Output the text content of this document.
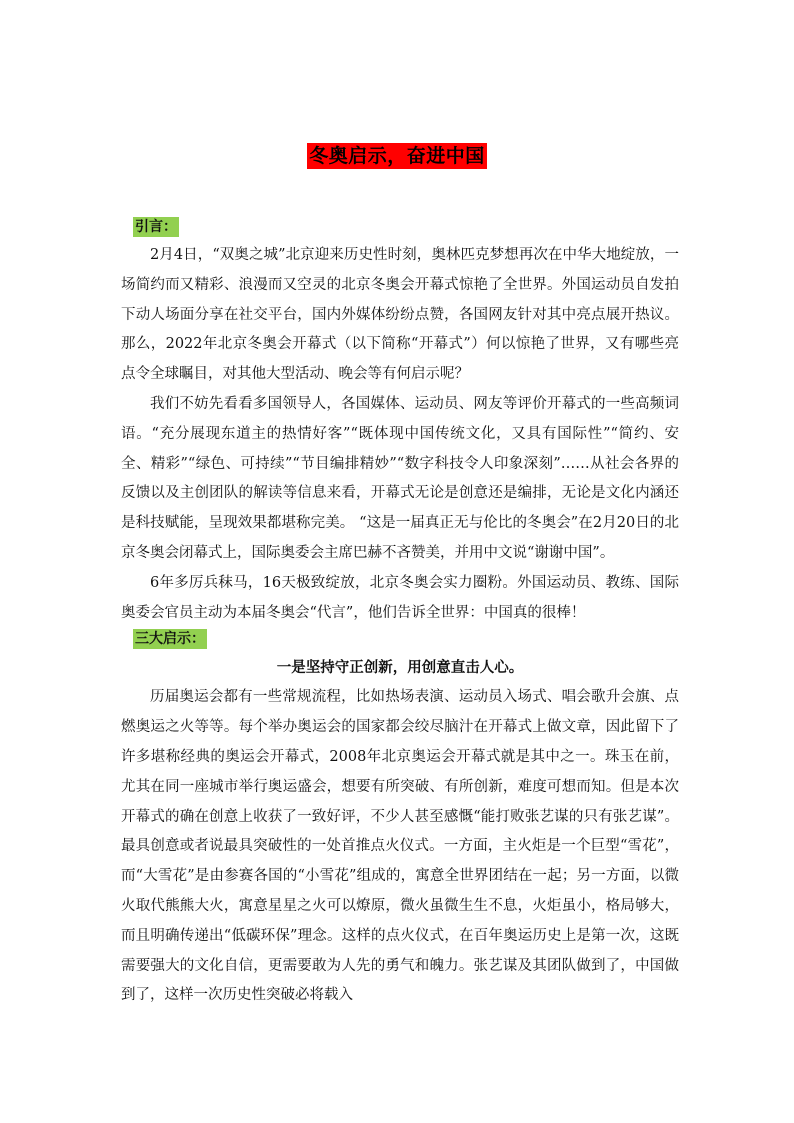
冬奥启示，奋进中国
引言：

2月4日，“双奥之城”北京迎来历史性时刻，奥林匹克梦想再次在中华大地绽放，一场简约而又精彩、浪漫而又空灵的北京冬奥会开幕式惊艳了全世界。外国运动员自发拍下动人场面分享在社交平台，国内外媒体纷纷点赞，各国网友针对其中亮点展开热议。那么，2022年北京冬奥会开幕式（以下简称“开幕式”）何以惊艳了世界，又有哪些亮点令全球瞩目，对其他大型活动、晚会等有何启示呢？

我们不妨先看看多国领导人，各国媒体、运动员、网友等评价开幕式的一些高频词语。“充分展现东道主的热情好客”“既体现中国传统文化，又具有国际性”“简约、安全、精彩”“绿色、可持续”“节目编排精妙”“数字科技令人印象深刻”……从社会各界的反馈以及主创团队的解读等信息来看，开幕式无论是创意还是编排，无论是文化内涵还是科技赋能，呈现效果都堪称完美。 “这是一届真正无与伦比的冬奥会”在2月20日的北京冬奥会闭幕式上，国际奥委会主席巴赫不吝赞美，并用中文说“谢谢中国”。

6年多厉兵秣马，16天极致绽放，北京冬奥会实力圈粉。外国运动员、教练、国际奥委会官员主动为本届冬奥会“代言”，他们告诉全世界：中国真的很棒！

三大启示：

一是坚持守正创新，用创意直击人心。

历届奥运会都有一些常规流程，比如热场表演、运动员入场式、唱会歌升会旗、点燃奥运之火等等。每个举办奥运会的国家都会绞尽脑汁在开幕式上做文章，因此留下了许多堪称经典的奥运会开幕式，2008年北京奥运会开幕式就是其中之一。珠玉在前，尤其在同一座城市举行奥运盛会，想要有所突破、有所创新，难度可想而知。但是本次开幕式的确在创意上收获了一致好评，不少人甚至感慨“能打败张艺谋的只有张艺谋”。最具创意或者说最具突破性的一处首推点火仪式。一方面，主火炬是一个巨型“雪花”，而“大雪花”是由参赛各国的“小雪花”组成的，寓意全世界团结在一起；另一方面，以微火取代熊熊大火，寓意星星之火可以燎原，微火虽微生生不息，火炬虽小，格局够大，而且明确传递出“低碳环保”理念。这样的点火仪式，在百年奥运历史上是第一次，这既需要强大的文化自信，更需要敢为人先的勇气和魄力。张艺谋及其团队做到了，中国做到了，这样一次历史性突破必将载入
